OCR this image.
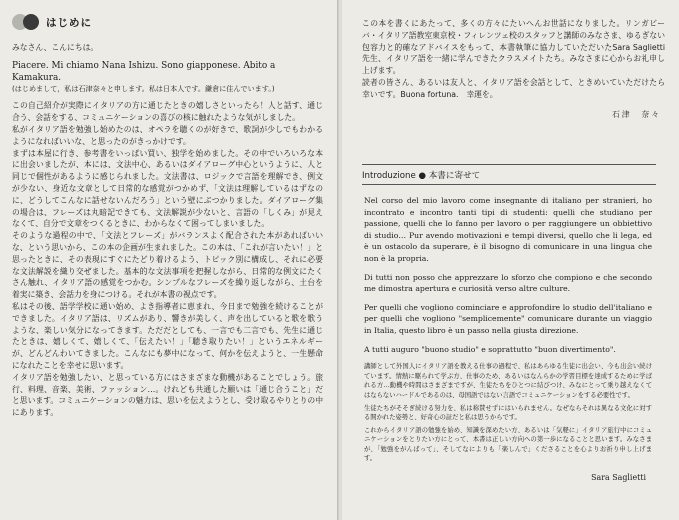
はじめに

みなさん、こんにちは。

Piacere. Mi chiamo Nana Ishizu. Sono giapponese. Abito a Kamakura.

(はじめまして，私は石津奈々と申します。私は日本人です。鎌倉に住んでいます。)

この自己紹介が実際にイタリアの方に通じたときの嬉しさといったら！人と話す、通じ合う、会話をする、コミュニケーションの喜びの核に触れたような気がしました。

私がイタリア語を勉強し始めたのは、オペラを聴くのが好きで、歌詞が少しでもわかるようになればいいな、と思ったのがきっかけです。

まずは本屋に行き、参考書をいっぱい買い、独学を始めました。その中でいろいろな本に出会いましたが、本には、文法中心、あるいはダイアローグ中心というように、人と同じで個性があるように感じられました。文法書は、ロジックで言語を理解でき、例文が少ない、身近な文章として日常的な感覚がつかめず、「文法は理解しているはずなのに、どうしてこんなに話せないんだろう」という壁にぶつかりました。ダイアローグ集の場合は、フレーズは丸暗記できても、文法解説が少ないと、言語の「しくみ」が見えなくて、自分で文章をつくるときに、わからなくて困ってしまいました。

そのような過程の中で、「文法とフレーズ」がバランスよく配合された本があればいいな、という思いから、この本の企画が生まれました。この本は、「これが言いたい！」と思ったときに、その表現にすぐにたどり着けるよう、トピック別に構成し、それに必要な文法解説を織り交ぜました。基本的な文法事項を把握しながら、日常的な例文にたくさん触れ、イタリア語の感覚をつかむ。シンプルなフレーズを繰り返しながら、土台を着実に築き、会話力を身につける。それが本書の視点です。

私はその後、語学学校に通い始め、よき指導者に恵まれ、今日まで勉強を続けることができました。イタリア語は、リズムがあり、響きが美しく、声を出していると歌を歌うような、楽しい気分になってきます。ただだとしても、一言でも二言でも、先生に通じたときは、嬉しくて、嬉しくて、「伝えたい！」「聴き取りたい！」というエネルギーが、どんどんわいてきました。こんなにも夢中になって、何かを伝えようと、一生懸命になれたことを幸せに思います。

イタリア語を勉強したい、と思っている方にはさまざまな動機があることでしょう。旅行、料理、音楽、美術、ファッション…。けれども共通した願いは「通じ合うこと」だと思います。コミュニケーションの魅力は、思いを伝えようとし、受け取るやりとりの中にあります。

この本を書くにあたって、多くの方々にたいへんお世話になりました。リンガビーバ・イタリア語教室東京校・フィレンツェ校のスタッフと講師のみなさま、ゆるぎない包容力と的確なアドバイスをもって、本書執筆に協力していただいたSara Saglietti 先生、イタリア語を一緒に学んできたクラスメイトたち。みなさまに心からお礼申し上げます。

読者の皆さん、あるいは友人と、イタリア語を会話として、ときめいていただけたら幸いです。Buona fortuna.　幸運を。

石津　奈々

Introduzione ● 本書に寄せて

Nel corso del mio lavoro come insegnante di italiano per stranieri, ho incontrato e incontro tanti tipi di studenti: quelli che studiano per passione, quelli che lo fanno per lavoro o per raggiungere un obbiettivo di studio… Pur avendo motivazioni e tempi diversi, quello che li lega, ed è un ostacolo da superare, è il bisogno di comunicare in una lingua che non è la propria.

Di tutti non posso che apprezzare lo sforzo che compiono e che secondo me dimostra apertura e curiosità verso altre culture.

Per quelli che vogliono cominciare e approfondire lo studio dell'italiano e per quelli che vogliono "semplicemente" comunicare durante un viaggio in Italia, questo libro è un passo nella giusta direzione.

A tutti auguro "buono studio" e soprattutto "buon divertimento".

講師として外国人にイタリア語を教える仕事の過程で、私はあらゆる生徒に出会い、今も出会い続けています。情熱に駆られて学ぶ方、仕事のため、あるいはなんらかの学習目標を達成するために学ばれる方…動機や時間はさまざまですが、生徒たちをひとつに結びつけ、みなにとって乗り越えなくてはならないハードルであるのは、母国語ではない言語でコミュニケーションをする必要性です。

生徒たちがそそぎ続ける努力を、私は称賛せずにはいられません。なぜならそれは異なる文化に対する開かれた姿勢と、好奇心の証だと私は思うからです。

これからイタリア語の勉強を始め、知識を深めたい方、あるいは「気軽に」イタリア旅行中にコミュニケーションをとりたい方にとって、本書は正しい方向への第一歩になることと思います。みなさまが、「勉強をがんばって」、そしてなによりも「楽しんで」くださることを心よりお祈り申し上げます。

Sara Saglietti
